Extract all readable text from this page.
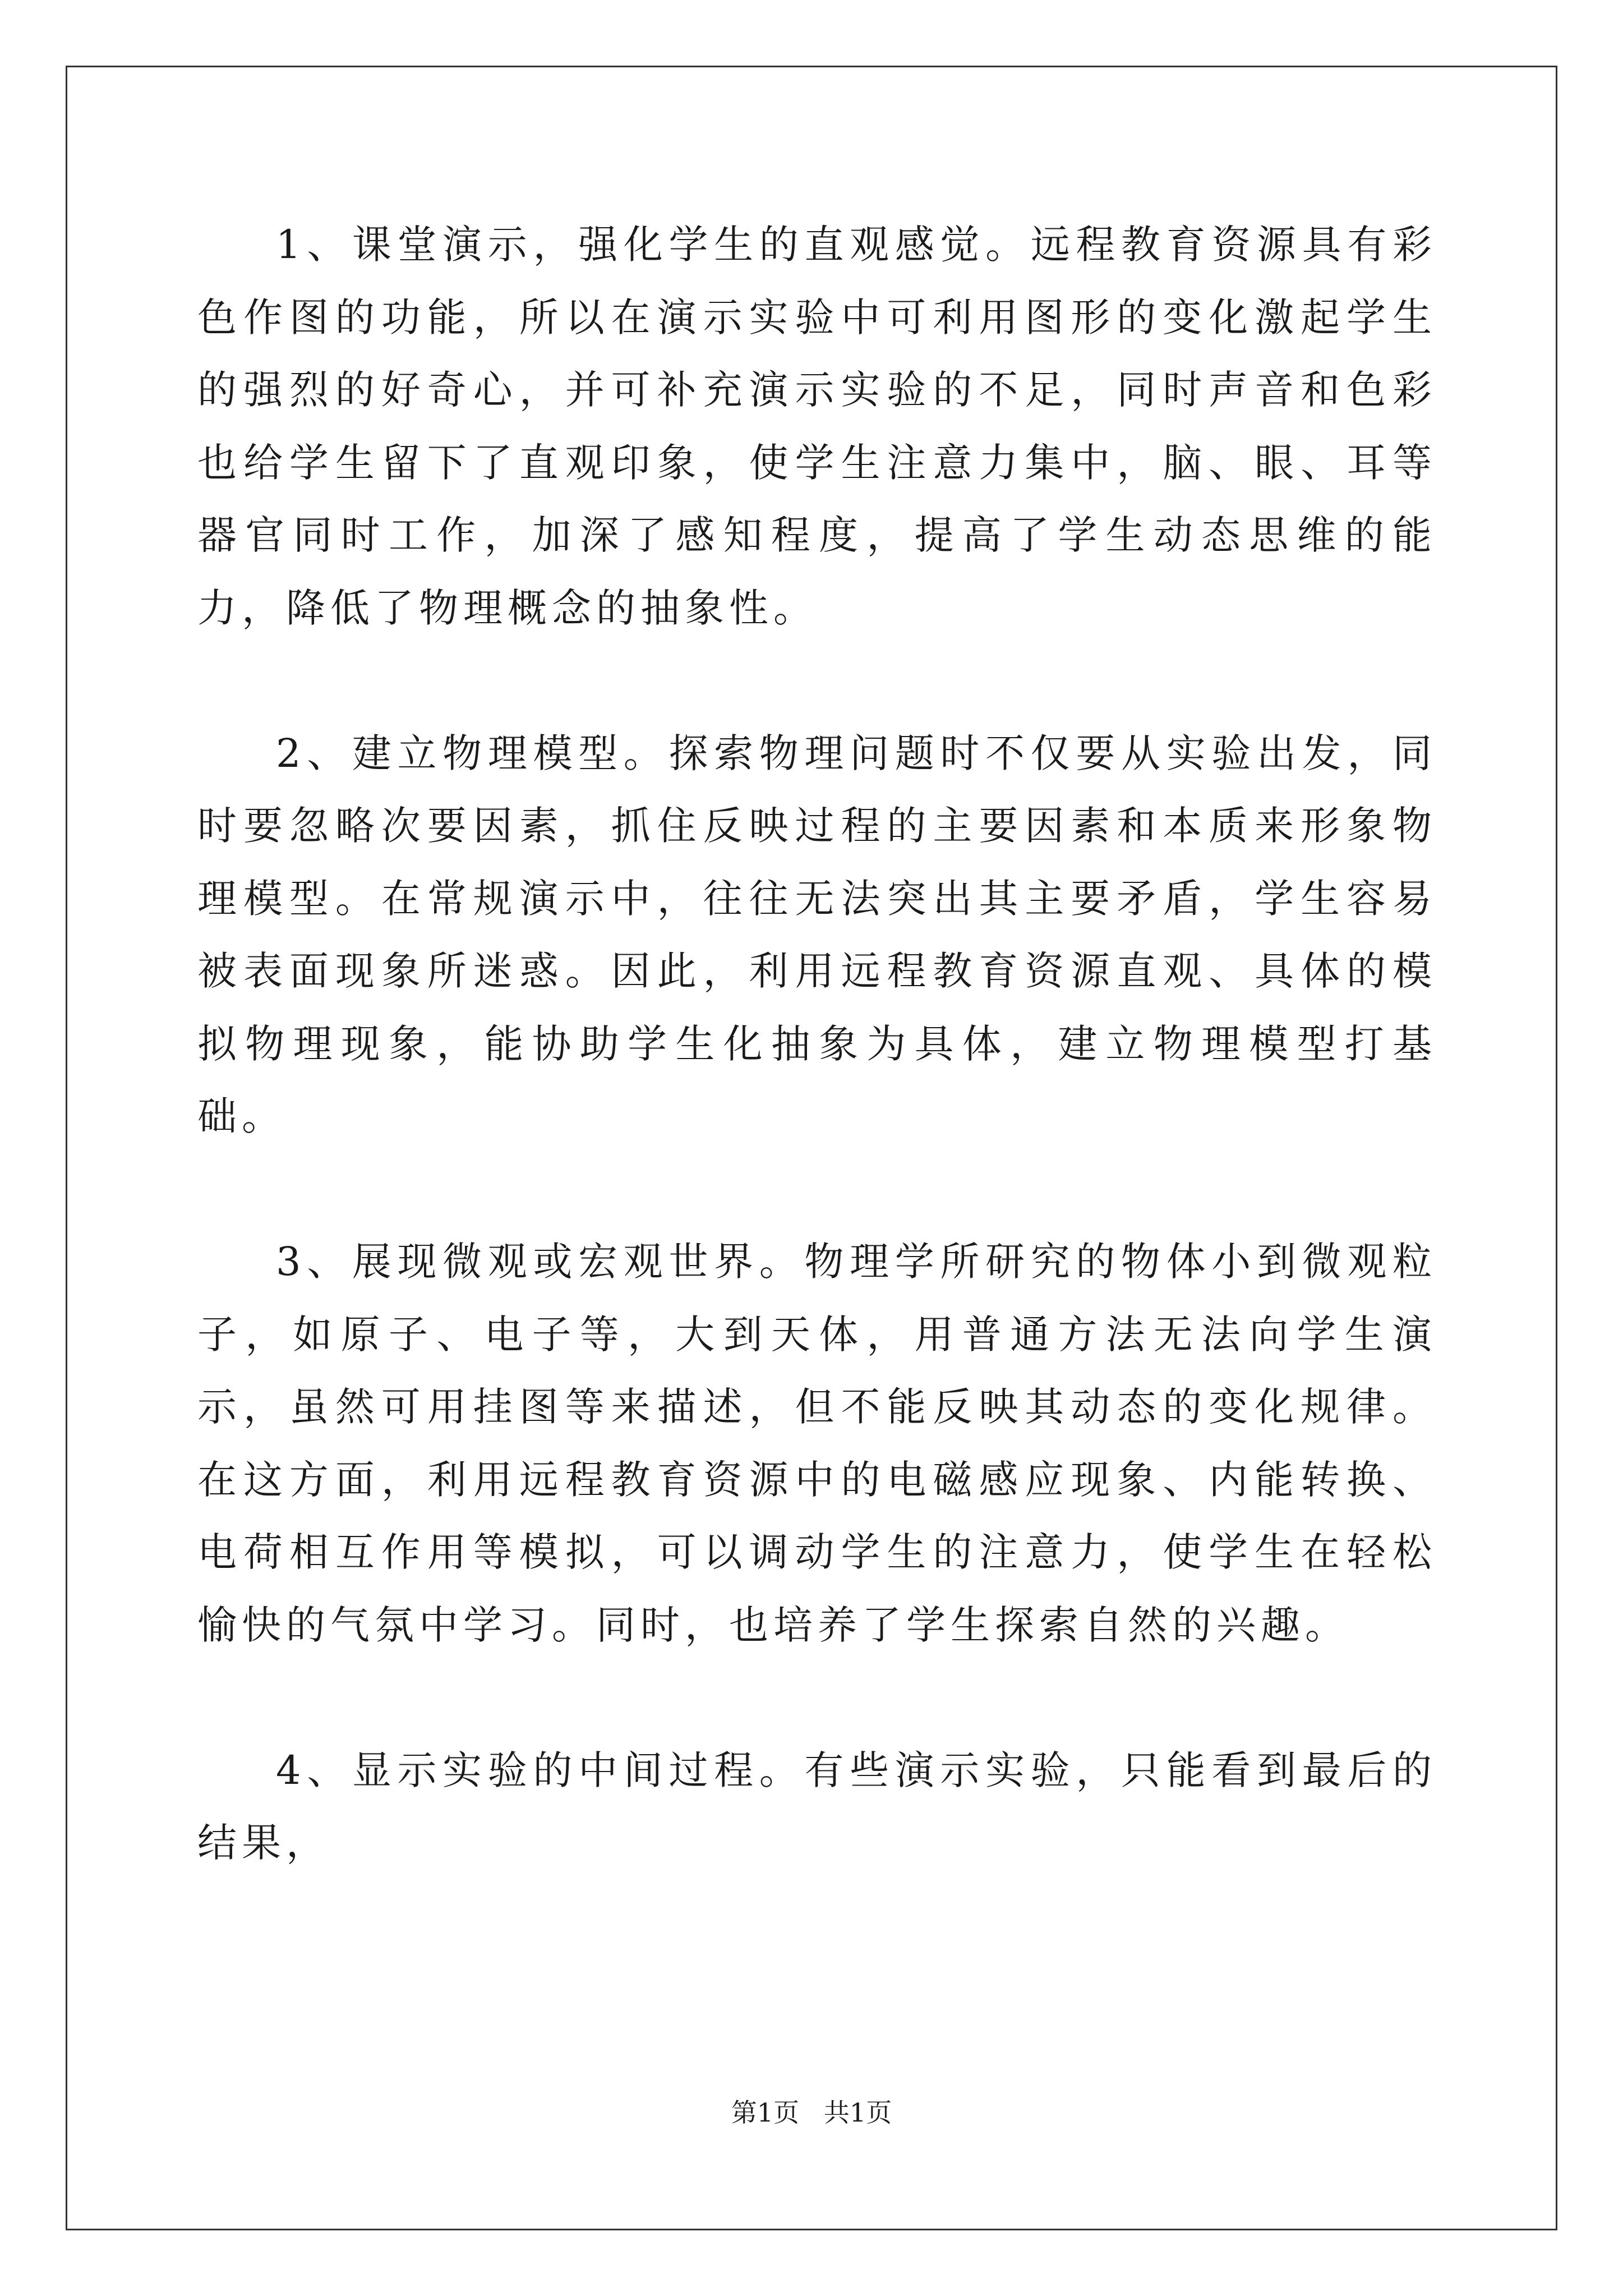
1、课堂演示，强化学生的直观感觉。远程教育资源具有彩色作图的功能，所以在演示实验中可利用图形的变化激起学生的强烈的好奇心，并可补充演示实验的不足，同时声音和色彩也给学生留下了直观印象，使学生注意力集中，脑、眼、耳等器官同时工作，加深了感知程度，提高了学生动态思维的能力，降低了物理概念的抽象性。

2、建立物理模型。探索物理问题时不仅要从实验出发，同时要忽略次要因素，抓住反映过程的主要因素和本质来形象物理模型。在常规演示中，往往无法突出其主要矛盾，学生容易被表面现象所迷惑。因此，利用远程教育资源直观、具体的模拟物理现象，能协助学生化抽象为具体，建立物理模型打基础。

3、展现微观或宏观世界。物理学所研究的物体小到微观粒子，如原子、电子等，大到天体，用普通方法无法向学生演示，虽然可用挂图等来描述，但不能反映其动态的变化规律。在这方面，利用远程教育资源中的电磁感应现象、内能转换、电荷相互作用等模拟，可以调动学生的注意力，使学生在轻松愉快的气氛中学习。同时，也培养了学生探索自然的兴趣。

4、显示实验的中间过程。有些演示实验，只能看到最后的结果，

第1页   共1页
